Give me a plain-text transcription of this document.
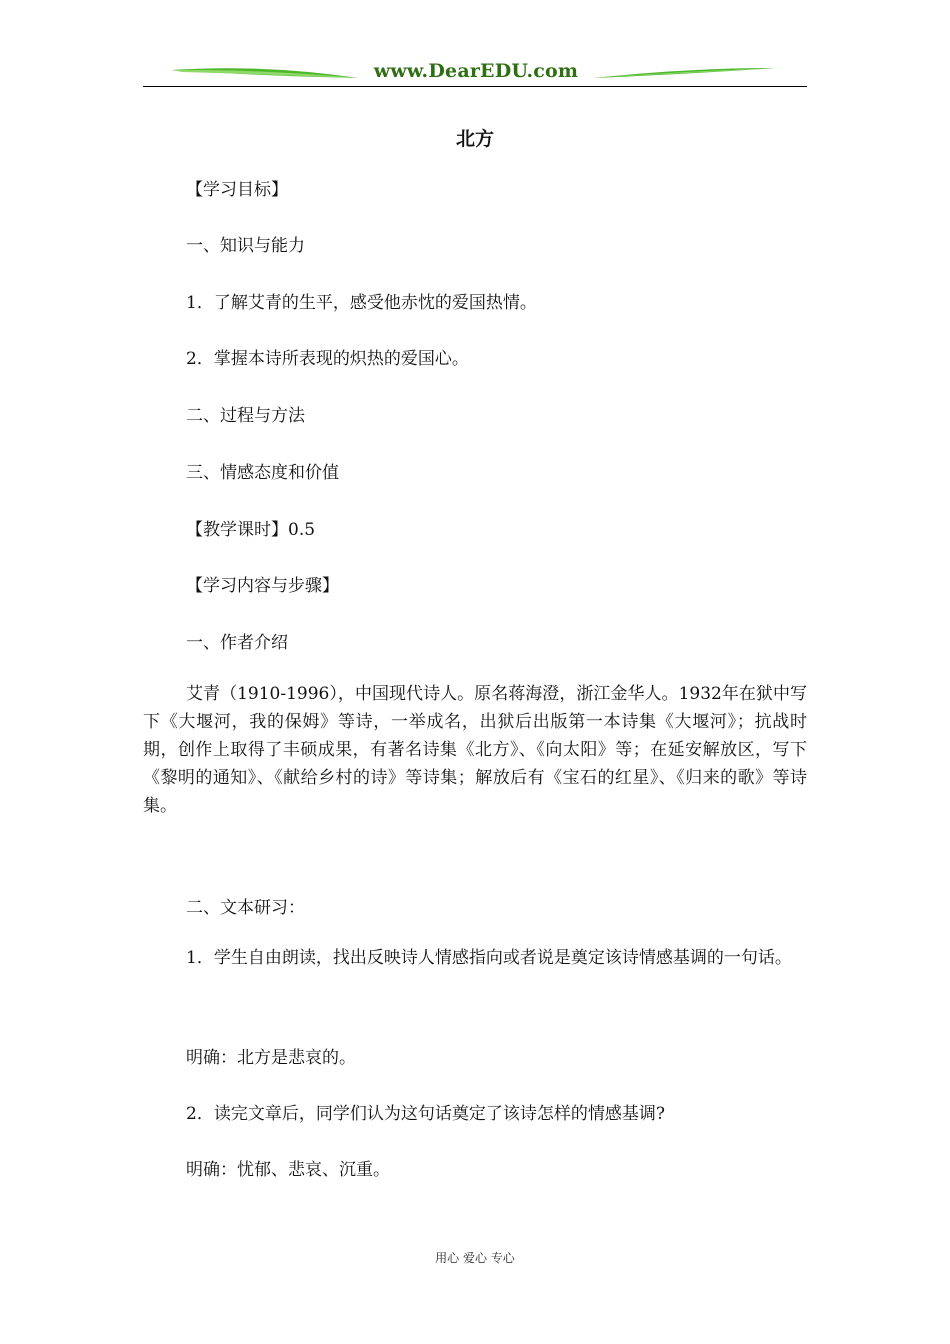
www.DearEDU.com
北方
【学习目标】
一、知识与能力
1．了解艾青的生平，感受他赤忱的爱国热情。
2．掌握本诗所表现的炽热的爱国心。
二、过程与方法
三、情感态度和价值
【教学课时】0.5
【学习内容与步骤】
一、作者介绍
艾青（1910-1996），中国现代诗人。原名蒋海澄，浙江金华人。1932年在狱中写下《大堰河，我的保姆》等诗，一举成名，出狱后出版第一本诗集《大堰河》；抗战时期，创作上取得了丰硕成果，有著名诗集《北方》、《向太阳》等；在延安解放区，写下《黎明的通知》、《献给乡村的诗》等诗集；解放后有《宝石的红星》、《归来的歌》等诗集。
二、文本研习：
1．学生自由朗读，找出反映诗人情感指向或者说是奠定该诗情感基调的一句话。
明确：北方是悲哀的。
2．读完文章后，同学们认为这句话奠定了该诗怎样的情感基调?
明确：忧郁、悲哀、沉重。
用心 爱心 专心
